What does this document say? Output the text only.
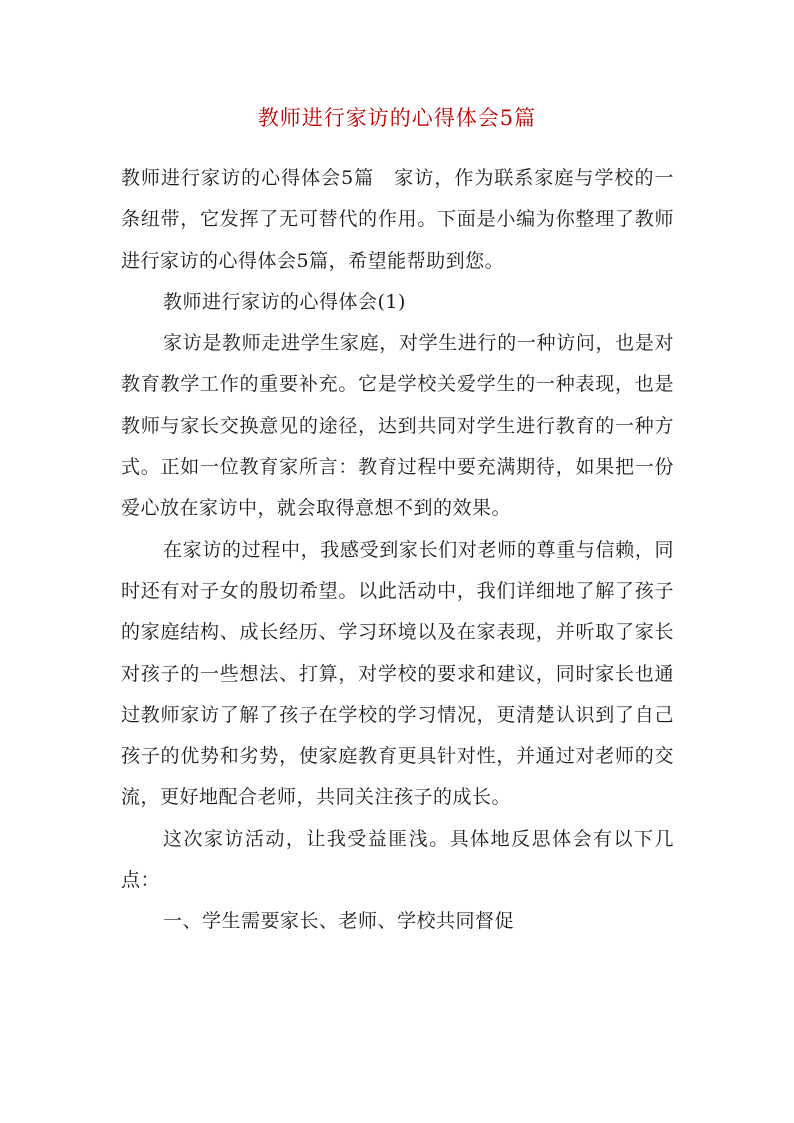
教师进行家访的心得体会5篇

教师进行家访的心得体会5篇　家访，作为联系家庭与学校的一条纽带，它发挥了无可替代的作用。下面是小编为你整理了教师进行家访的心得体会5篇，希望能帮助到您。

教师进行家访的心得体会(1)

家访是教师走进学生家庭，对学生进行的一种访问，也是对教育教学工作的重要补充。它是学校关爱学生的一种表现，也是教师与家长交换意见的途径，达到共同对学生进行教育的一种方式。正如一位教育家所言：教育过程中要充满期待，如果把一份爱心放在家访中，就会取得意想不到的效果。

在家访的过程中，我感受到家长们对老师的尊重与信赖，同时还有对子女的殷切希望。以此活动中，我们详细地了解了孩子的家庭结构、成长经历、学习环境以及在家表现，并听取了家长对孩子的一些想法、打算，对学校的要求和建议，同时家长也通过教师家访了解了孩子在学校的学习情况，更清楚认识到了自己孩子的优势和劣势，使家庭教育更具针对性，并通过对老师的交流，更好地配合老师，共同关注孩子的成长。

这次家访活动，让我受益匪浅。具体地反思体会有以下几点：

一、学生需要家长、老师、学校共同督促
